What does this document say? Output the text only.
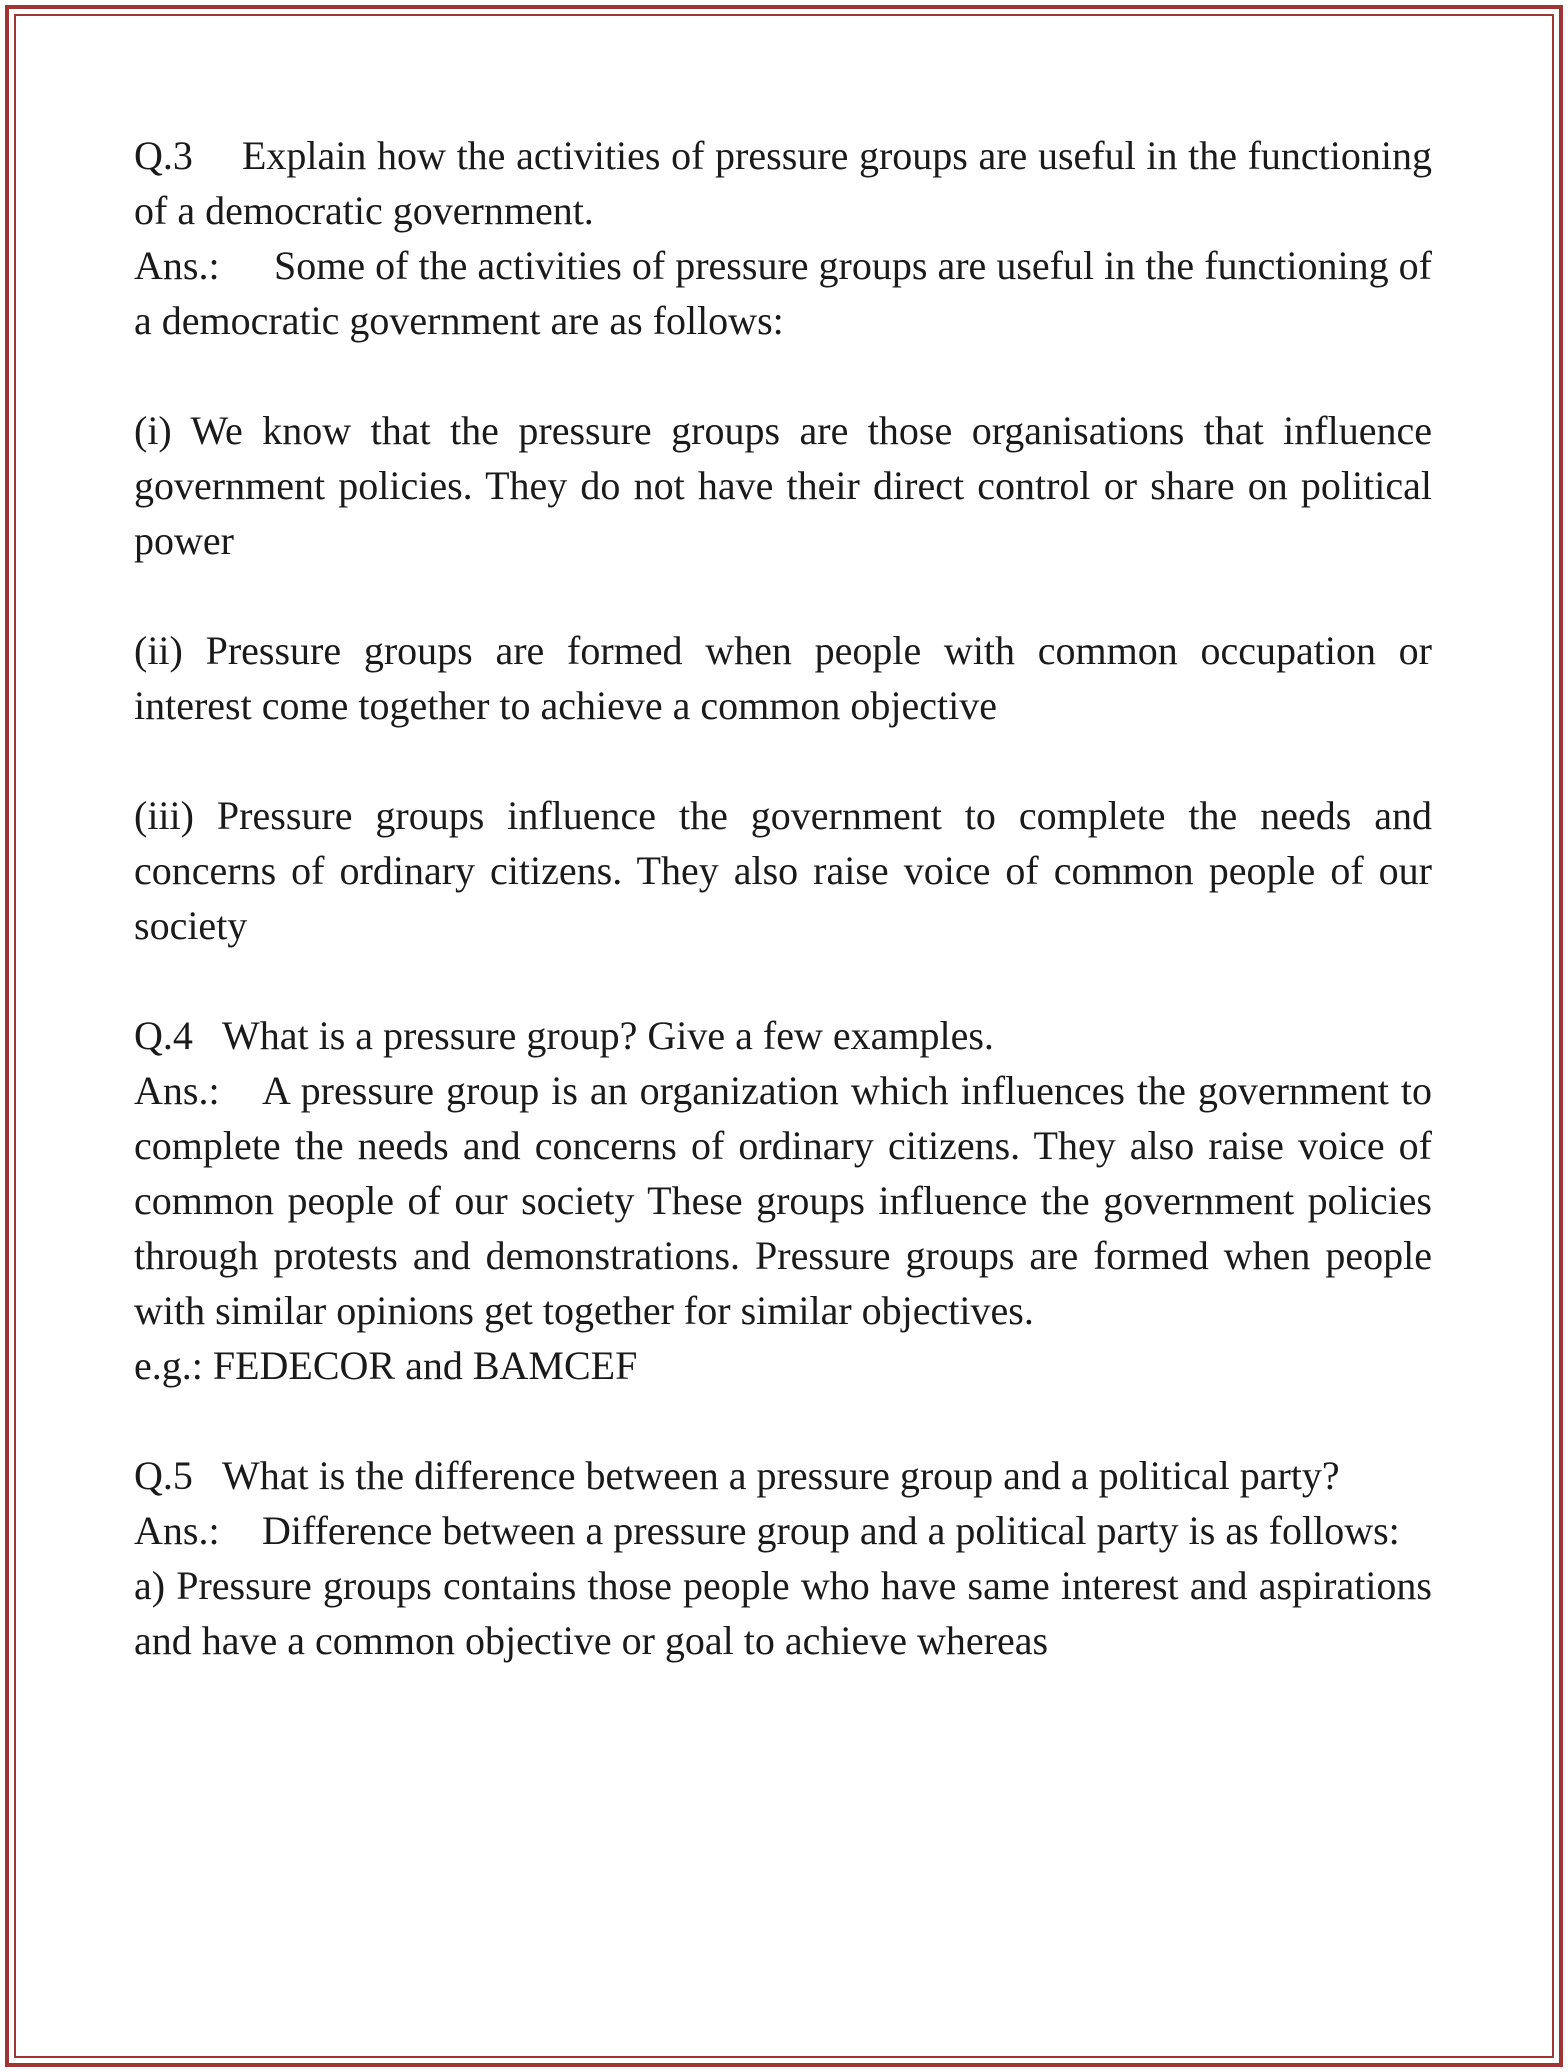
Q.3 Explain how the activities of pressure groups are useful in the functioning of a democratic government.

Ans.: Some of the activities of pressure groups are useful in the functioning of a democratic government are as follows:

(i) We know that the pressure groups are those organisations that influence government policies. They do not have their direct control or share on political power

(ii) Pressure groups are formed when people with common occupation or interest come together to achieve a common objective

(iii) Pressure groups influence the government to complete the needs and concerns of ordinary citizens. They also raise voice of common people of our society

Q.4 What is a pressure group? Give a few examples.

Ans.: A pressure group is an organization which influences the government to complete the needs and concerns of ordinary citizens. They also raise voice of common people of our society These groups influence the government policies through protests and demonstrations. Pressure groups are formed when people with similar opinions get together for similar objectives.

e.g.: FEDECOR and BAMCEF

Q.5 What is the difference between a pressure group and a political party?

Ans.: Difference between a pressure group and a political party is as follows:

a) Pressure groups contains those people who have same interest and aspirations and have a common objective or goal to achieve whereas
